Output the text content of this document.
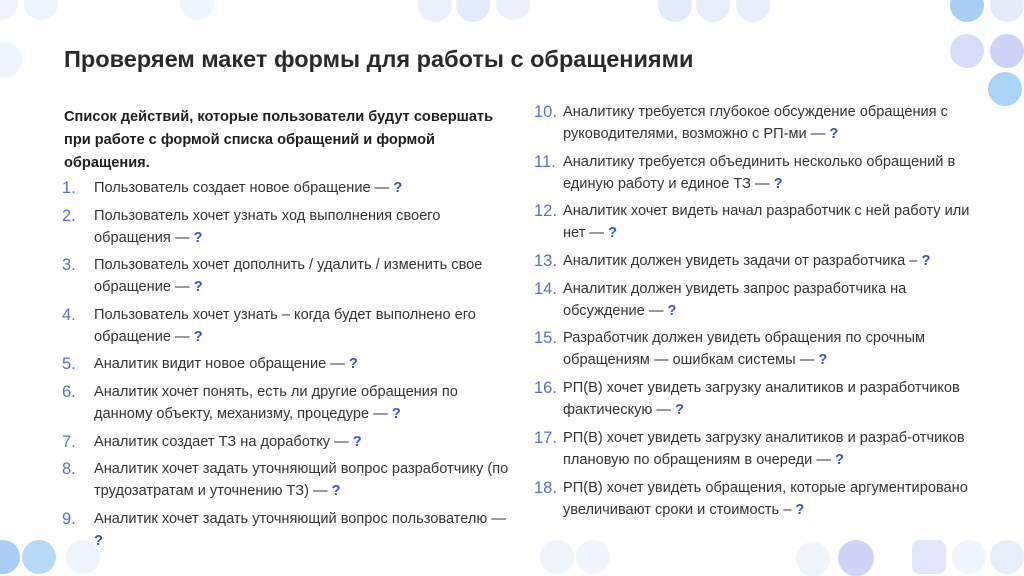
Проверяем макет формы для работы с обращениями

Список действий, которые пользователи будут совершать при работе с формой списка обращений и формой обращения.

1.	Пользователь создает новое обращение — ?
2.	Пользователь хочет узнать ход выполнения своего обращения — ?
3.	Пользователь хочет дополнить / удалить / изменить свое обращение — ?
4.	Пользователь хочет узнать – когда будет выполнено его обращение — ?
5.	Аналитик видит новое обращение — ?
6.	Аналитик хочет понять, есть ли другие обращения по данному объекту, механизму, процедуре — ?
7.	Аналитик создает ТЗ на доработку — ?
8.	Аналитик хочет задать уточняющий вопрос разработчику (по трудозатратам и уточнению ТЗ) — ?
9.	Аналитик хочет задать уточняющий вопрос пользователю — ?
10. Аналитику требуется глубокое обсуждение обращения с руководителями, возможно с РП-ми — ?
11. Аналитику требуется объединить несколько обращений в единую работу и единое ТЗ — ?
12. Аналитик хочет видеть начал разработчик с ней работу или нет — ?
13. Аналитик должен увидеть задачи от разработчика – ?
14. Аналитик должен увидеть запрос разработчика на обсуждение — ?
15. Разработчик должен увидеть обращения по срочным обращениям — ошибкам системы — ?
16. РП(В) хочет увидеть загрузку аналитиков и разработчиков фактическую — ?
17. РП(В) хочет увидеть загрузку аналитиков и разраб-отчиков плановую по обращениям в очереди — ?
18. РП(В) хочет увидеть обращения, которые аргументировано увеличивают сроки и стоимость – ?
